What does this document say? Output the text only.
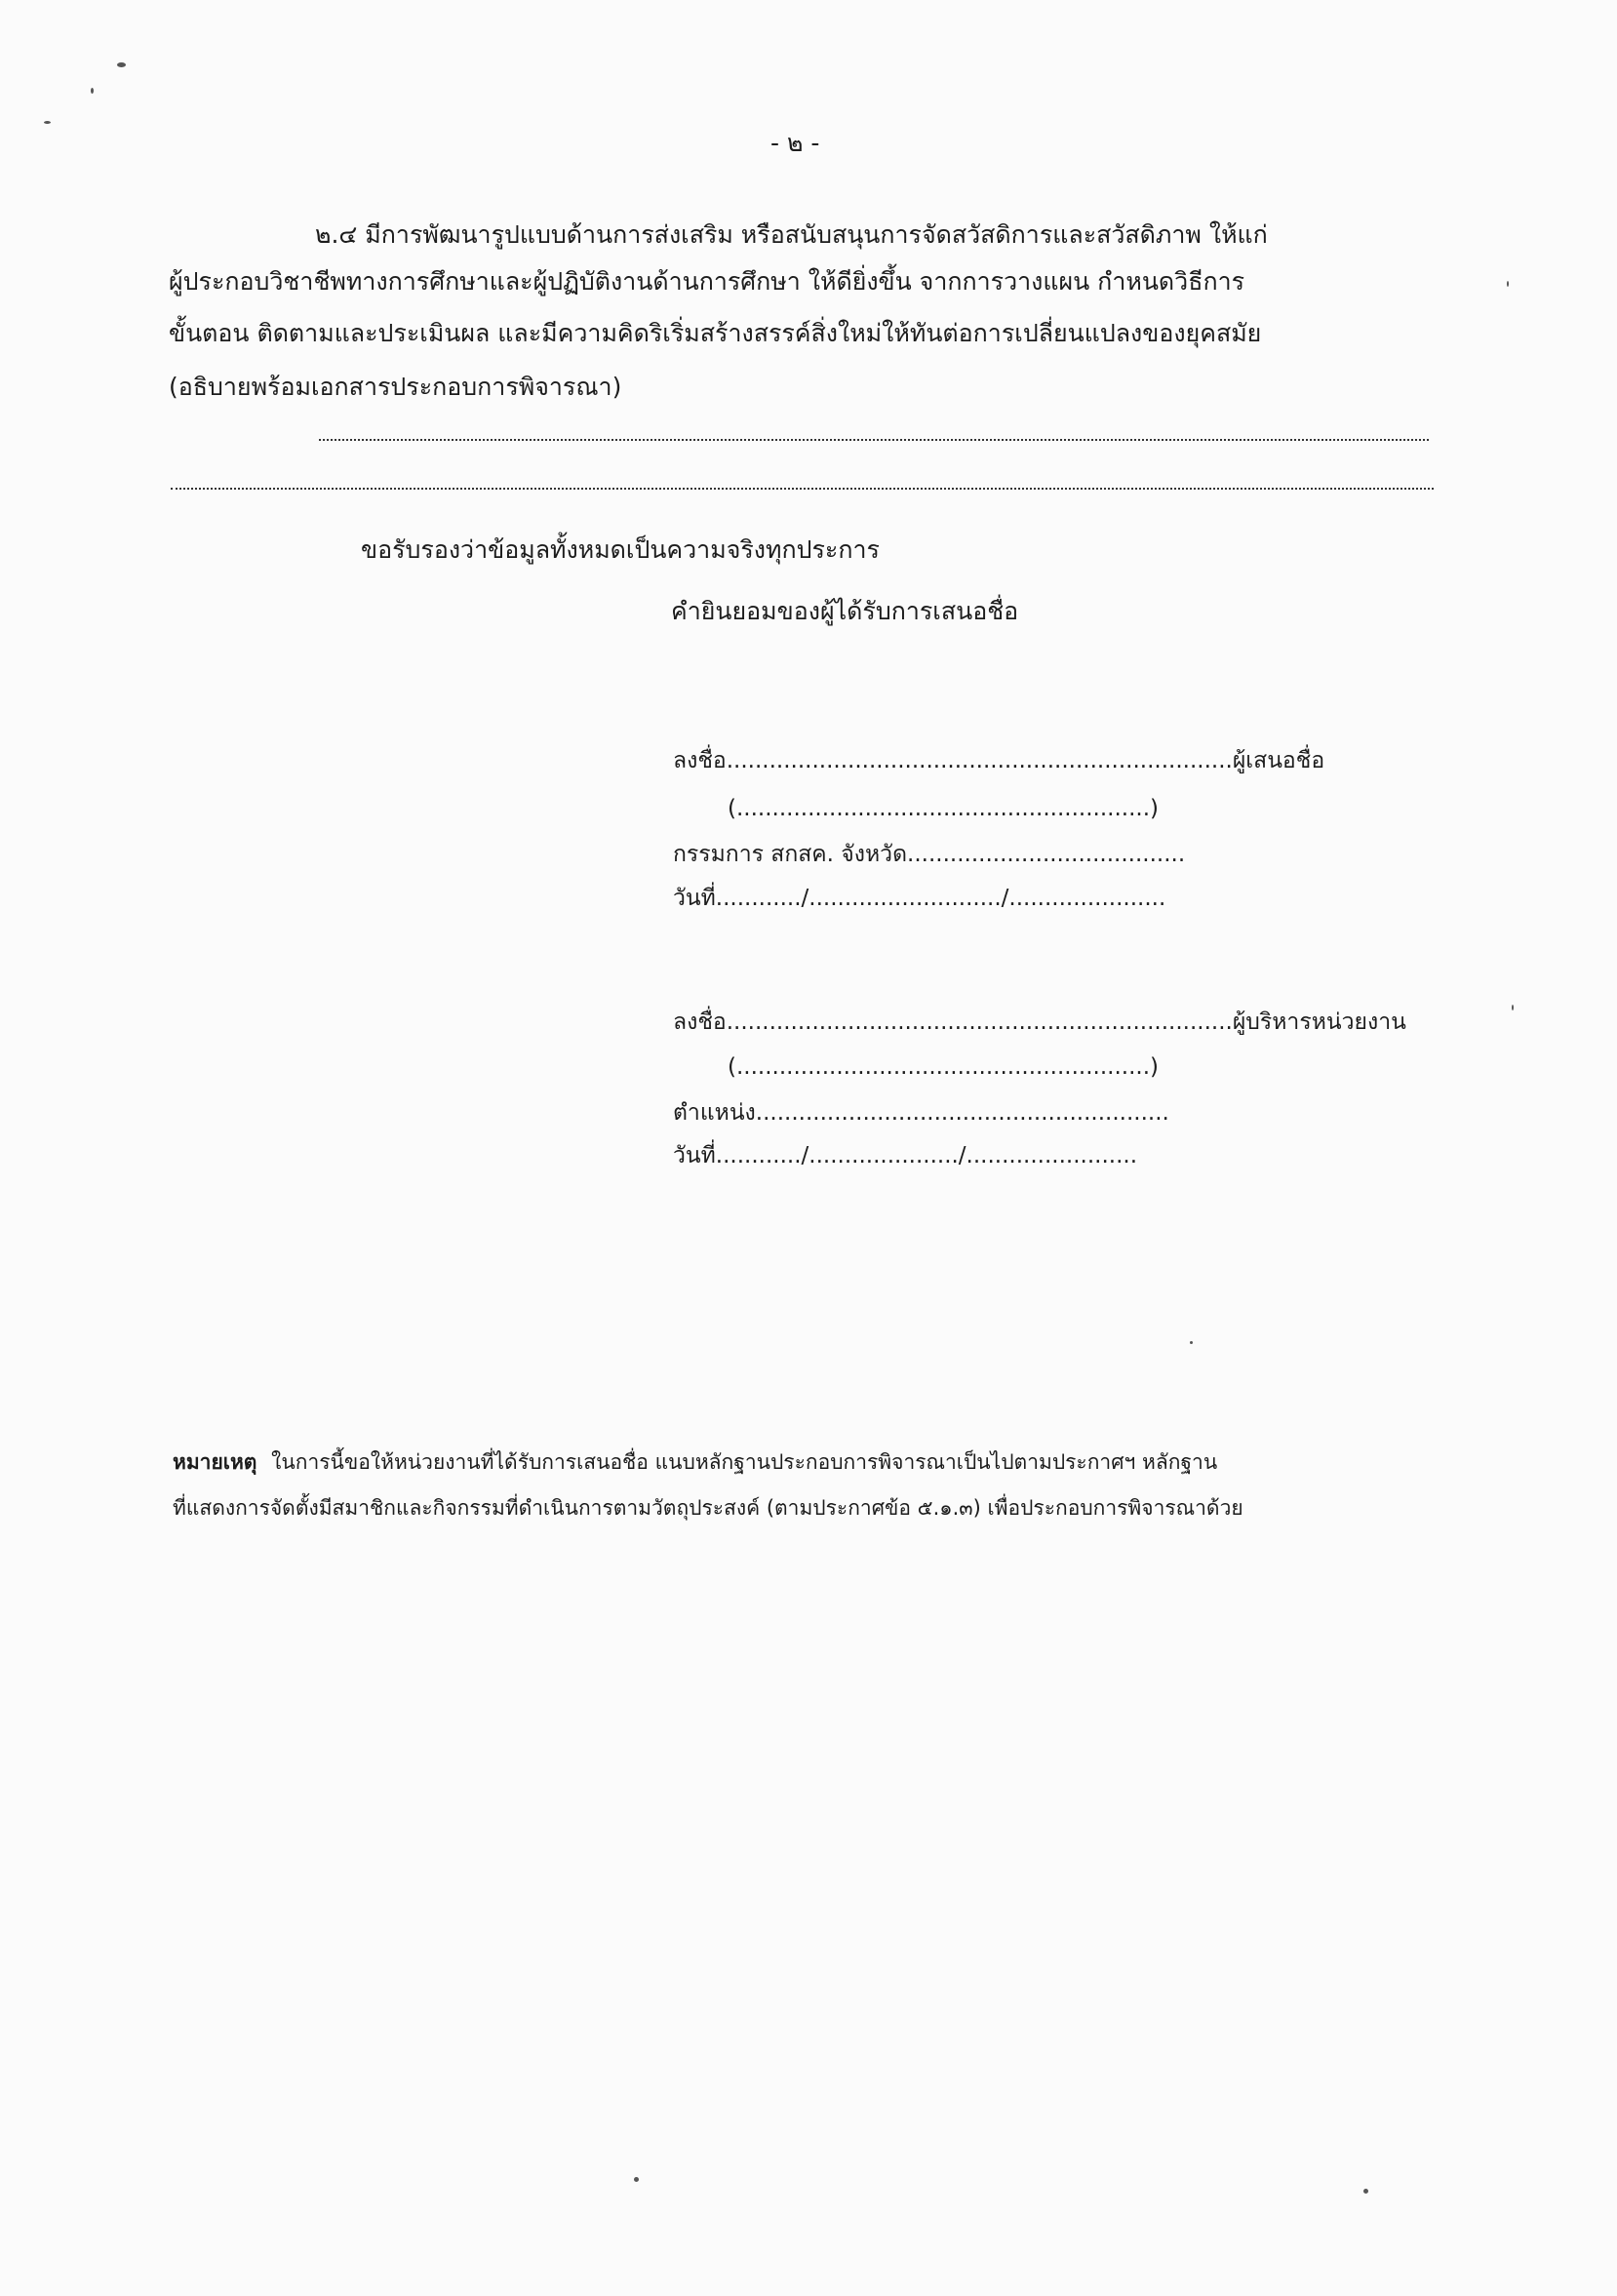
- ๒ -
๒.๔ มีการพัฒนารูปแบบด้านการส่งเสริม หรือสนับสนุนการจัดสวัสดิการและสวัสดิภาพ ให้แก่
ผู้ประกอบวิชาชีพทางการศึกษาและผู้ปฏิบัติงานด้านการศึกษา ให้ดียิ่งขึ้น จากการวางแผน กำหนดวิธีการ
ขั้นตอน ติดตามและประเมินผล และมีความคิดริเริ่มสร้างสรรค์สิ่งใหม่ให้ทันต่อการเปลี่ยนแปลงของยุคสมัย
(อธิบายพร้อมเอกสารประกอบการพิจารณา)
ขอรับรองว่าข้อมูลทั้งหมดเป็นความจริงทุกประการ
คำยินยอมของผู้ได้รับการเสนอชื่อ
ลงชื่อ.......................................................................ผู้เสนอชื่อ
(..........................................................)
กรรมการ สกสค. จังหวัด.......................................
วันที่............/.........................../......................
ลงชื่อ.......................................................................ผู้บริหารหน่วยงาน
(..........................................................)
ตำแหน่ง..........................................................
วันที่............/...................../........................
หมายเหตุ ในการนี้ขอให้หน่วยงานที่ได้รับการเสนอชื่อ แนบหลักฐานประกอบการพิจารณาเป็นไปตามประกาศฯ หลักฐาน
ที่แสดงการจัดตั้งมีสมาชิกและกิจกรรมที่ดำเนินการตามวัตถุประสงค์ (ตามประกาศข้อ ๕.๑.๓) เพื่อประกอบการพิจารณาด้วย
